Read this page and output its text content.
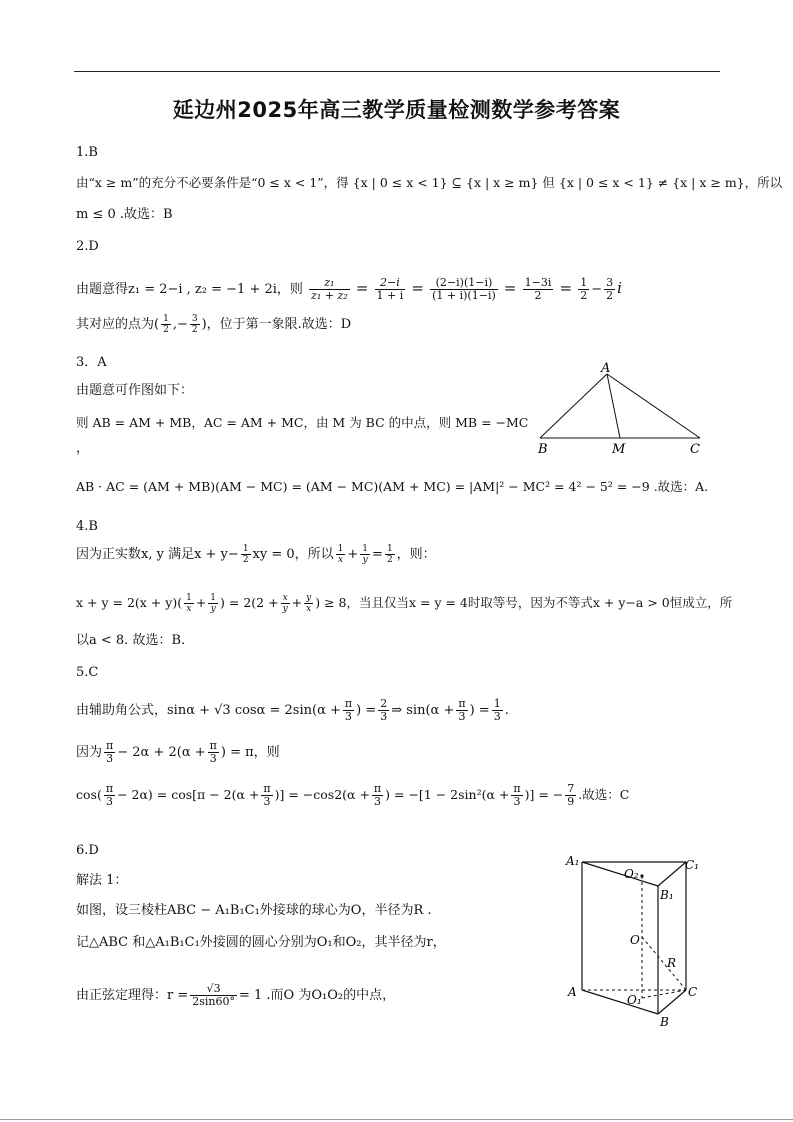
延边州2025年高三教学质量检测数学参考答案
1.B
由“x ≥ m”的充分不必要条件是“0 ≤ x < 1”，得 {x | 0 ≤ x < 1} ⊆ {x | x ≥ m} 但 {x | 0 ≤ x < 1} ≠ {x | x ≥ m}，所以
m ≤ 0 .故选：B
2.D
由题意得z₁ = 2−i , z₂ = −1 + 2i，则 $\frac{\text{z₁}}{\text{z₁ + z₂}} = \frac{2-i}{1 + i} = \frac{(2-i)(1-i)}{(1 + i)(1-i)} = \frac{1-3i}{2} = \frac{1}{2} - \frac{3}{2}$ i
其对应的点为( $\frac{1}{2}$ ,− $\frac{3}{2}$ )，位于第一象限.故选：D
3．A
由题意可作图如下：
则 AB = AM + MB，AC = AM + MC，由 M 为 BC 的中点，则 MB = −MC
，
AB · AC = (AM + MB)(AM − MC) = (AM − MC)(AM + MC) = |AM|² − MC² = 4² − 5² = −9 .故选：A.
A
B	M	C
4.B
因为正实数x, y 满足$x + y- \frac{1}{2}$ xy = 0，所以 $\frac{1}{x} + \frac{1}{y} = \frac{1}{2}$ ，则：
$x + y = 2(x + y)( \frac{1}{x} + \frac{1}{y}$ ) = $2(2 + \frac{x}{y} + \frac{y}{x}$ ) ≥ 8，当且仅当x = y = 4时取等号，因为不等式x + y−a > 0恒成立，所
以a < 8. 故选：B.
5.C
由辅助角公式，sinα + √3 $\cos\alpha = 2\sin(\alpha + \frac{\pi}{3}$ ) = $\frac{2}{3}$ ⇒ $\sin(\alpha + \frac{\pi}{3}$ ) = $\frac{1}{3}$ .
因为 $\frac{\pi}{3} - 2\alpha + 2(\alpha + \frac{\pi}{3}$ ) = π，则
$\cos( \frac{\pi}{3} - 2\alpha) = \cos[\pi - 2(\alpha + \frac{\pi}{3}$ )] = $-\cos 2(\alpha + \frac{\pi}{3}$ ) = $-[1 - 2\sin^2(\alpha + \frac{\pi}{3}$ )] = − $\frac{7}{9}$ .故选：C
6.D
解法 1：
如图，设三棱柱ABC − A₁B₁C₁外接球的球心为O，半径为R .
记△ABC 和△A₁B₁C₁外接圆的圆心分别为O₁和O₂，其半径为r，
由正弦定理得：$r = \frac{√3}{2\sin 60^\circ} = 1$ .而O 为O₁O₂的中点，
A₁	C₁
O₂
B₁
O
R
A	C
O₁
B
